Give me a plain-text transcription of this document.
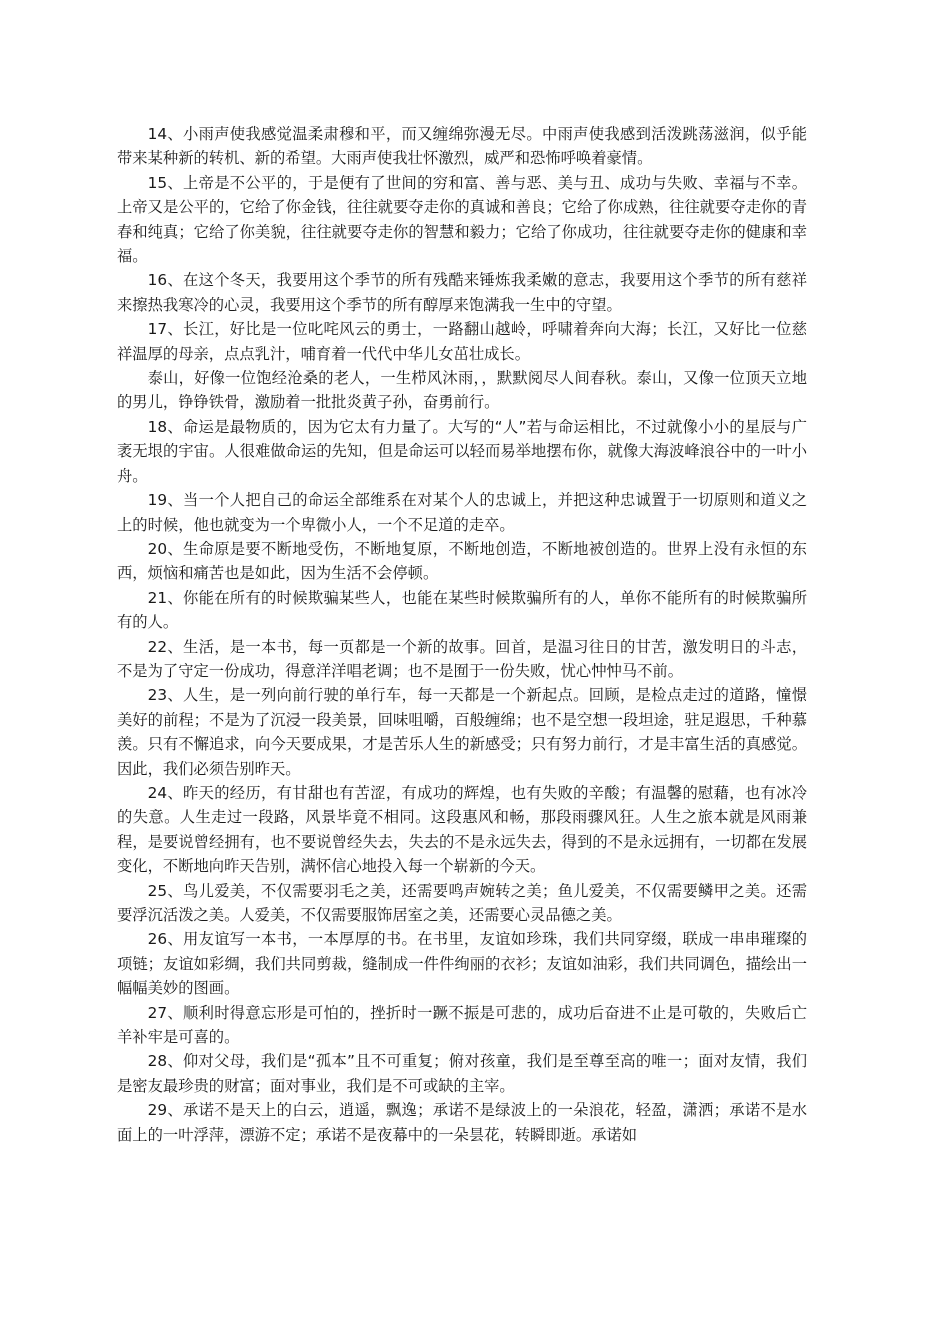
14、小雨声使我感觉温柔肃穆和平，而又缠绵弥漫无尽。中雨声使我感到活泼跳荡滋润，似乎能带来某种新的转机、新的希望。大雨声使我壮怀激烈，威严和恐怖呼唤着豪情。

15、上帝是不公平的，于是便有了世间的穷和富、善与恶、美与丑、成功与失败、幸福与不幸。上帝又是公平的，它给了你金钱，往往就要夺走你的真诚和善良；它给了你成熟，往往就要夺走你的青春和纯真；它给了你美貌，往往就要夺走你的智慧和毅力；它给了你成功，往往就要夺走你的健康和幸福。

16、在这个冬天，我要用这个季节的所有残酷来锤炼我柔嫩的意志，我要用这个季节的所有慈祥来擦热我寒冷的心灵，我要用这个季节的所有醇厚来饱满我一生中的守望。

17、长江，好比是一位叱咤风云的勇士，一路翻山越岭，呼啸着奔向大海；长江，又好比一位慈祥温厚的母亲，点点乳汁，哺育着一代代中华儿女茁壮成长。

泰山，好像一位饱经沧桑的老人，一生栉风沐雨，，默默阅尽人间春秋。泰山，又像一位顶天立地的男儿，铮铮铁骨，激励着一批批炎黄子孙，奋勇前行。

18、命运是最物质的，因为它太有力量了。大写的“人”若与命运相比，不过就像小小的星辰与广袤无垠的宇宙。人很难做命运的先知，但是命运可以轻而易举地摆布你，就像大海波峰浪谷中的一叶小舟。

19、当一个人把自己的命运全部维系在对某个人的忠诚上，并把这种忠诚置于一切原则和道义之上的时候，他也就变为一个卑微小人，一个不足道的走卒。

20、生命原是要不断地受伤，不断地复原，不断地创造，不断地被创造的。世界上没有永恒的东西，烦恼和痛苦也是如此，因为生活不会停顿。

21、你能在所有的时候欺骗某些人，也能在某些时候欺骗所有的人，单你不能所有的时候欺骗所有的人。

22、生活，是一本书，每一页都是一个新的故事。回首，是温习往日的甘苦，激发明日的斗志，不是为了守定一份成功，得意洋洋唱老调；也不是囿于一份失败，忧心忡忡马不前。

23、人生，是一列向前行驶的单行车，每一天都是一个新起点。回顾，是检点走过的道路，憧憬美好的前程；不是为了沉浸一段美景，回味咀嚼，百般缠绵；也不是空想一段坦途，驻足遐思，千种慕羡。只有不懈追求，向今天要成果，才是苦乐人生的新感受；只有努力前行，才是丰富生活的真感觉。因此，我们必须告别昨天。

24、昨天的经历，有甘甜也有苦涩，有成功的辉煌，也有失败的辛酸；有温馨的慰藉，也有冰冷的失意。人生走过一段路，风景毕竟不相同。这段惠风和畅，那段雨骤风狂。人生之旅本就是风雨兼程，是要说曾经拥有，也不要说曾经失去，失去的不是永远失去，得到的不是永远拥有，一切都在发展变化，不断地向昨天告别，满怀信心地投入每一个崭新的今天。

25、鸟儿爱美，不仅需要羽毛之美，还需要鸣声婉转之美；鱼儿爱美，不仅需要鳞甲之美。还需要浮沉活泼之美。人爱美，不仅需要服饰居室之美，还需要心灵品德之美。

26、用友谊写一本书，一本厚厚的书。在书里，友谊如珍珠，我们共同穿缀，联成一串串璀璨的项链；友谊如彩绸，我们共同剪裁，缝制成一件件绚丽的衣衫；友谊如油彩，我们共同调色，描绘出一幅幅美妙的图画。

27、顺利时得意忘形是可怕的，挫折时一蹶不振是可悲的，成功后奋进不止是可敬的，失败后亡羊补牢是可喜的。

28、仰对父母，我们是“孤本”且不可重复；俯对孩童，我们是至尊至高的唯一；面对友情，我们是密友最珍贵的财富；面对事业，我们是不可或缺的主宰。

29、承诺不是天上的白云，逍遥，飘逸；承诺不是绿波上的一朵浪花，轻盈，潇洒；承诺不是水面上的一叶浮萍，漂游不定；承诺不是夜幕中的一朵昙花，转瞬即逝。承诺如
